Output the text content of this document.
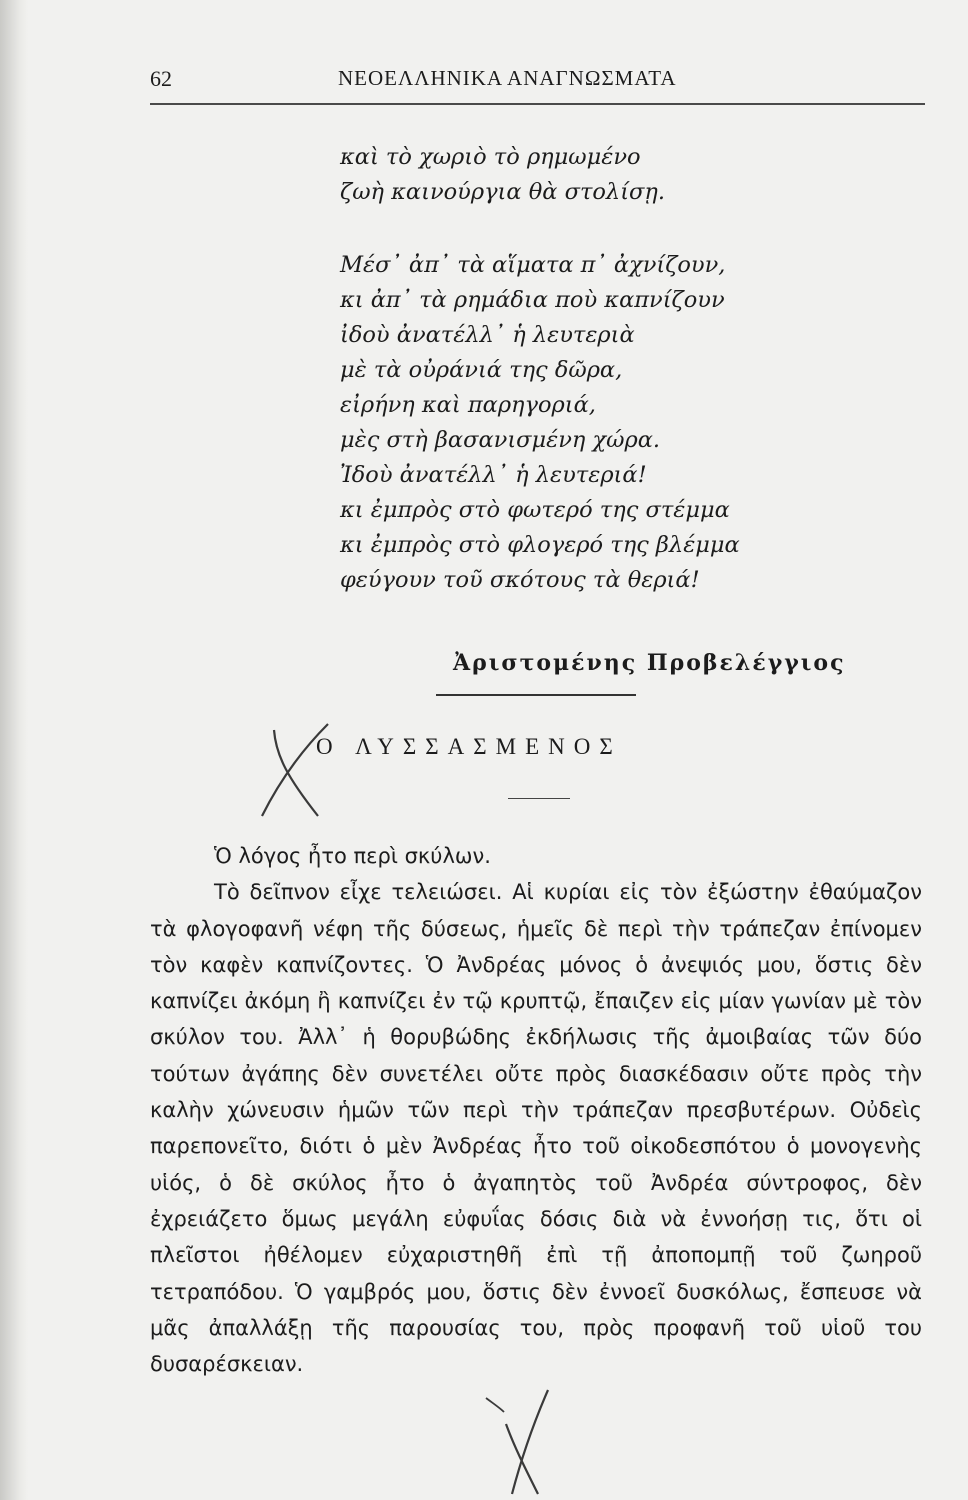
62	ΝΕΟΕΛΛΗΝΙΚΑ ΑΝΑΓΝΩΣΜΑΤΑ
καὶ τὸ χωριὸ τὸ ρημωμένο
ζωὴ καινούργια θὰ στολίσῃ.
Μέσ᾽ ἀπ᾽ τὰ αἵματα π᾽ ἀχνίζουν,
κι ἀπ᾽ τὰ ρημάδια ποὺ καπνίζουν
ἰδοὺ ἀνατέλλ᾽ ἡ λευτεριὰ
μὲ τὰ οὐράνιά της δῶρα,
εἰρήνη καὶ παρηγοριά,
μὲς στὴ βασανισμένη χώρα.
Ἰδοὺ ἀνατέλλ᾽ ἡ λευτεριά!
κι ἐμπρὸς στὸ φωτερό της στέμμα
κι ἐμπρὸς στὸ φλογερό της βλέμμα
φεύγουν τοῦ σκότους τὰ θεριά!
Ἀριστομένης Προβελέγγιος
Ο ΛΥΣΣΑΣΜΕΝΟΣ

Ὁ λόγος ἦτο περὶ σκύλων.

Τὸ δεῖπνον εἶχε τελειώσει. Αἱ κυρίαι εἰς τὸν ἐξώστην ἐθαύμαζον τὰ φλογοφανῆ νέφη τῆς δύσεως, ἡμεῖς δὲ περὶ τὴν τράπεζαν ἐπίνομεν τὸν καφὲν καπνίζοντες. Ὁ Ἀνδρέας μόνος ὁ ἀνεψιός μου, ὅστις δὲν καπνίζει ἀκόμη ἢ καπνίζει ἐν τῷ κρυπτῷ, ἔπαιζεν εἰς μίαν γωνίαν μὲ τὸν σκύλον του. Ἀλλ᾽ ἡ θορυβώδης ἐκδήλωσις τῆς ἀμοιβαίας τῶν δύο τούτων ἀγάπης δὲν συνετέλει οὔτε πρὸς διασκέδασιν οὔτε πρὸς τὴν καλὴν χώνευσιν ἡμῶν τῶν περὶ τὴν τράπεζαν πρεσβυτέρων. Οὐδεὶς παρεπονεῖτο, διότι ὁ μὲν Ἀνδρέας ἦτο τοῦ οἰκοδεσπότου ὁ μονογενὴς υἱός, ὁ δὲ σκύλος ἦτο ὁ ἀγαπητὸς τοῦ Ἀνδρέα σύντροφος, δὲν ἐχρειάζετο ὅμως μεγάλη εὐφυΐας δόσις διὰ νὰ ἐννοήσῃ τις, ὅτι οἱ πλεῖστοι ἠθέλομεν εὐχαριστηθῆ ἐπὶ τῇ ἀποπομπῇ τοῦ ζωηροῦ τετραπόδου. Ὁ γαμβρός μου, ὅστις δὲν ἐννοεῖ δυσκόλως, ἔσπευσε νὰ μᾶς ἀπαλλάξῃ τῆς παρουσίας του, πρὸς προφανῆ τοῦ υἱοῦ του δυσαρέσκειαν.
